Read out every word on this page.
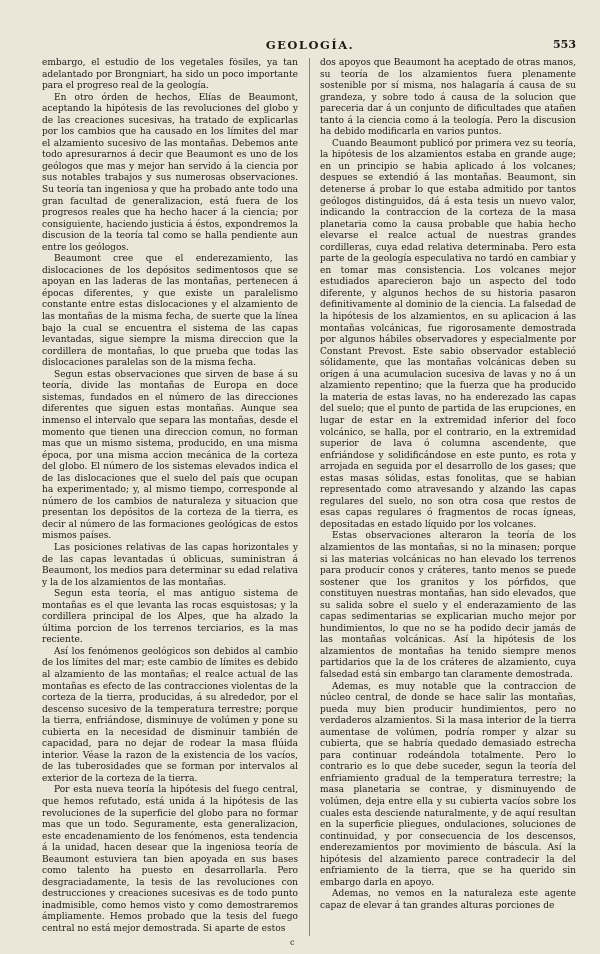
GEOLOGÍA.	553

embargo, el estudio de los vegetales fósiles, ya tan adelantado por Brongniart, ha sido un poco importante para el progreso real de la geología.

En otro órden de hechos, Elías de Beaumont, aceptando la hipótesis de las revoluciones del globo y de las creaciones sucesivas, ha tratado de explicarlas por los cambios que ha causado en los límites del mar el alzamiento sucesivo de las montañas. Debemos ante todo apresurarnos á decir que Beaumont es uno de los geólogos que mas y mejor han servido á la ciencia por sus notables trabajos y sus numerosas observaciones. Su teoría tan ingeniosa y que ha probado ante todo una gran facultad de generalizacion, está fuera de los progresos reales que ha hecho hacer á la ciencia; por consiguiente, haciendo justicia á éstos, expondremos la discusion de la teoría tal como se halla pendiente aun entre los geólogos.

Beaumont cree que el enderezamiento, las dislocaciones de los depósitos sedimentosos que se apoyan en las laderas de las montañas, pertenecen á épocas diferentes, y que existe un paralelismo constante entre estas dislocaciones y el alzamiento de las montañas de la misma fecha, de suerte que la línea bajo la cual se encuentra el sistema de las capas levantadas, sigue siempre la misma direccion que la cordillera de montañas, lo que prueba que todas las dislocaciones paralelas son de la misma fecha.

Segun estas observaciones que sirven de base á su teoría, divide las montañas de Europa en doce sistemas, fundados en el número de las direcciones diferentes que siguen estas montañas. Aunque sea inmenso el intervalo que separa las montañas, desde el momento que tienen una direccion comun, no forman mas que un mismo sistema, producido, en una misma época, por una misma accion mecánica de la corteza del globo. El número de los sistemas elevados indica el de las dislocaciones que el suelo del país que ocupan ha experimentado; y, al mismo tiempo, corresponde al número de los cambios de naturaleza y situacion que presentan los depósitos de la corteza de la tierra, es decir al número de las formaciones geológicas de estos mismos países.

Las posiciones relativas de las capas horizontales y de las capas levantadas ú oblicuas, suministran á Beaumont, los medios para determinar su edad relativa y la de los alzamientos de las montañas.

Segun esta teoría, el mas antiguo sistema de montañas es el que levanta las rocas esquistosas; y la cordillera principal de los Alpes, que ha alzado la última porcion de los terrenos terciarios, es la mas reciente.

Así los fenómenos geológicos son debidos al cambio de los límites del mar; este cambio de límites es debido al alzamiento de las montañas; el realce actual de las montañas es efecto de las contracciones violentas de la corteza de la tierra, producidas, á su alrededor, por el descenso sucesivo de la temperatura terrestre; porque la tierra, enfriándose, disminuye de volúmen y pone su cubierta en la necesidad de disminuir también de capacidad, para no dejar de rodear la masa flúida interior. Véase la razon de la existencia de los vacíos, de las tuberosidades que se forman por intervalos al exterior de la corteza de la tierra.

Por esta nueva teoría la hipótesis del fuego central, que hemos refutado, está unida á la hipótesis de las revoluciones de la superficie del globo para no formar mas que un todo. Seguramente, esta generalizacion, este encadenamiento de los fenómenos, esta tendencia á la unidad, hacen desear que la ingeniosa teoría de Beaumont estuviera tan bien apoyada en sus bases como talento ha puesto en desarrollarla. Pero desgraciadamente, la tesis de las revoluciones con destrucciones y creaciones sucesivas es de todo punto inadmisible, como hemos visto y como demostraremos ámpliamente. Hemos probado que la tesis del fuego central no está mejor demostrada. Si aparte de estos

dos apoyos que Beaumont ha aceptado de otras manos, su teoría de los alzamientos fuera plenamente sostenible por sí misma, nos halagaría á causa de su grandeza, y sobre todo á causa de la solucion que pareceria dar á un conjunto de dificultades que atañen tanto á la ciencia como á la teología. Pero la discusion ha debido modificarla en varios puntos.

Cuando Beaumont publicó por primera vez su teoría, la hipótesis de los alzamientos estaba en grande auge; en un principio se habia aplicado á los volcanes; despues se extendió á las montañas. Beaumont, sin detenerse á probar lo que estaba admitido por tantos geólogos distinguidos, dá á esta tesis un nuevo valor, indicando la contraccion de la corteza de la masa planetaria como la causa probable que habia hecho elevarse el realce actual de nuestras grandes cordilleras, cuya edad relativa determinaba. Pero esta parte de la geología especulativa no tardó en cambiar y en tomar mas consistencia. Los volcanes mejor estudiados aparecieron bajo un aspecto del todo diferente, y algunos hechos de su historia pasaron definitivamente al dominio de la ciencia. La falsedad de la hipótesis de los alzamientos, en su aplicacion á las montañas volcánicas, fue rigorosamente demostrada por algunos hábiles observadores y especialmente por Constant Prevost. Este sabio observador estableció sólidamente, que las montañas volcánicas deben su orígen á una acumulacion sucesiva de lavas y no á un alzamiento repentino; que la fuerza que ha producido la materia de estas lavas, no ha enderezado las capas del suelo; que el punto de partida de las erupciones, en lugar de estar en la extremidad inferior del foco volcánico, se halla, por el contrario, en la extremidad superior de lava ó columna ascendente, que enfriándose y solidificándose en este punto, es rota y arrojada en seguida por el desarrollo de los gases; que estas masas sólidas, estas fonolitas, que se habian representado como atravesando y alzando las capas regulares del suelo, no son otra cosa que restos de esas capas regulares ó fragmentos de rocas ígneas, depositadas en estado líquido por los volcanes.

Estas observaciones alteraron la teoría de los alzamientos de las montañas, si no la minasen; porque si las materias volcánicas no han elevado los terrenos para producir conos y cráteres, tanto menos se puede sostener que los granitos y los pórfidos, que constituyen nuestras montañas, han sido elevados, que su salida sobre el suelo y el enderazamiento de las capas sedimentarias se explicarian mucho mejor por hundimientos, lo que no se ha podido decir jamás de las montañas volcánicas. Así la hipótesis de los alzamientos de montañas ha tenido siempre menos partidarios que la de los cráteres de alzamiento, cuya falsedad está sin embargo tan claramente demostrada.

Ademas, es muy notable que la contraccion de núcleo central, de donde se hace salir las montañas, pueda muy bien producir hundimientos, pero no verdaderos alzamientos. Si la masa interior de la tierra aumentase de volúmen, podría romper y alzar su cubierta, que se habría quedado demasiado estrecha para continuar rodeándola totalmente. Pero lo contrario es lo que debe suceder, segun la teoría del enfriamiento gradual de la temperatura terrestre; la masa planetaria se contrae, y disminuyendo de volúmen, deja entre ella y su cubierta vacíos sobre los cuales esta desciende naturalmente, y de aquí resultan en la superficie pliegues, ondulaciones, soluciones de continuidad, y por consecuencia de los descensos, enderezamientos por movimiento de báscula. Así la hipótesis del alzamiento parece contradecir la del enfriamiento de la tierra, que se ha querido sin embargo darla en apoyo.

Ademas, no vemos en la naturaleza este agente capaz de elevar á tan grandes alturas porciones de

c
